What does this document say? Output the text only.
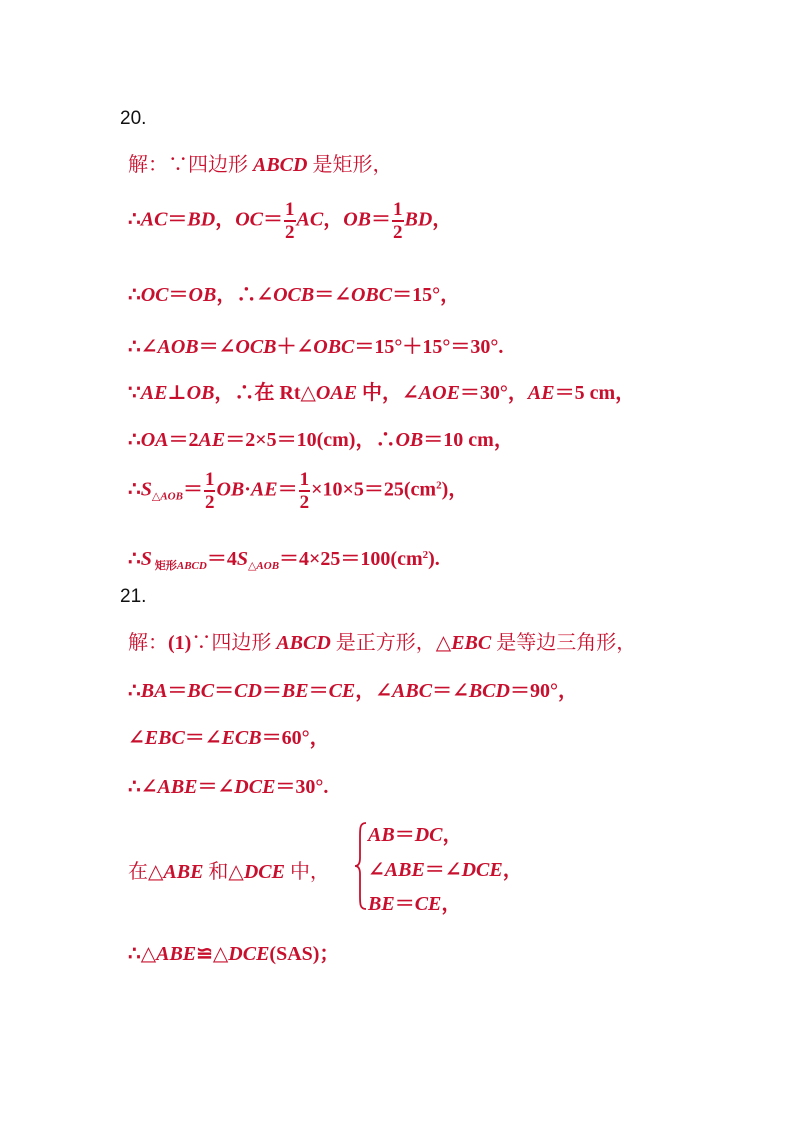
20.
解：∵四边形 ABCD 是矩形，
∴AC＝BD，$OC= \frac{1}{2}$ AC，$OB= \frac{1}{2}$ BD，
∴OC＝OB，∴∠OCB＝∠OBC＝15°，
∴∠AOB＝∠OCB＋∠OBC＝15°＋15°＝30°.
∵AE⊥OB，∴在 Rt△OAE 中，∠AOE＝30°，AE＝5 cm，
∴OA＝2AE＝2×5＝10(cm)，∴OB＝10 cm，
$\therefore S_{\triangle AOB}= \frac{1}{2} OB\cdot AE= \frac{1}{2} \times 10\times 5=25(cm^2)$，
∴S $_{矩形ABCD}=4S_{\triangle AOB}=4\times 25=100(cm^2)$.
21.
解：(1)∵四边形 ABCD 是正方形，△EBC 是等边三角形，
∴BA＝BC＝CD＝BE＝CE，∠ABC＝∠BCD＝90°，
∠EBC＝∠ECB＝60°，
∴∠ABE＝∠DCE＝30°.
在△ABE 和△DCE 中，
AB＝DC，
∠ABE＝∠DCE，
BE＝CE，
∴△ABE≌△DCE(SAS)；
